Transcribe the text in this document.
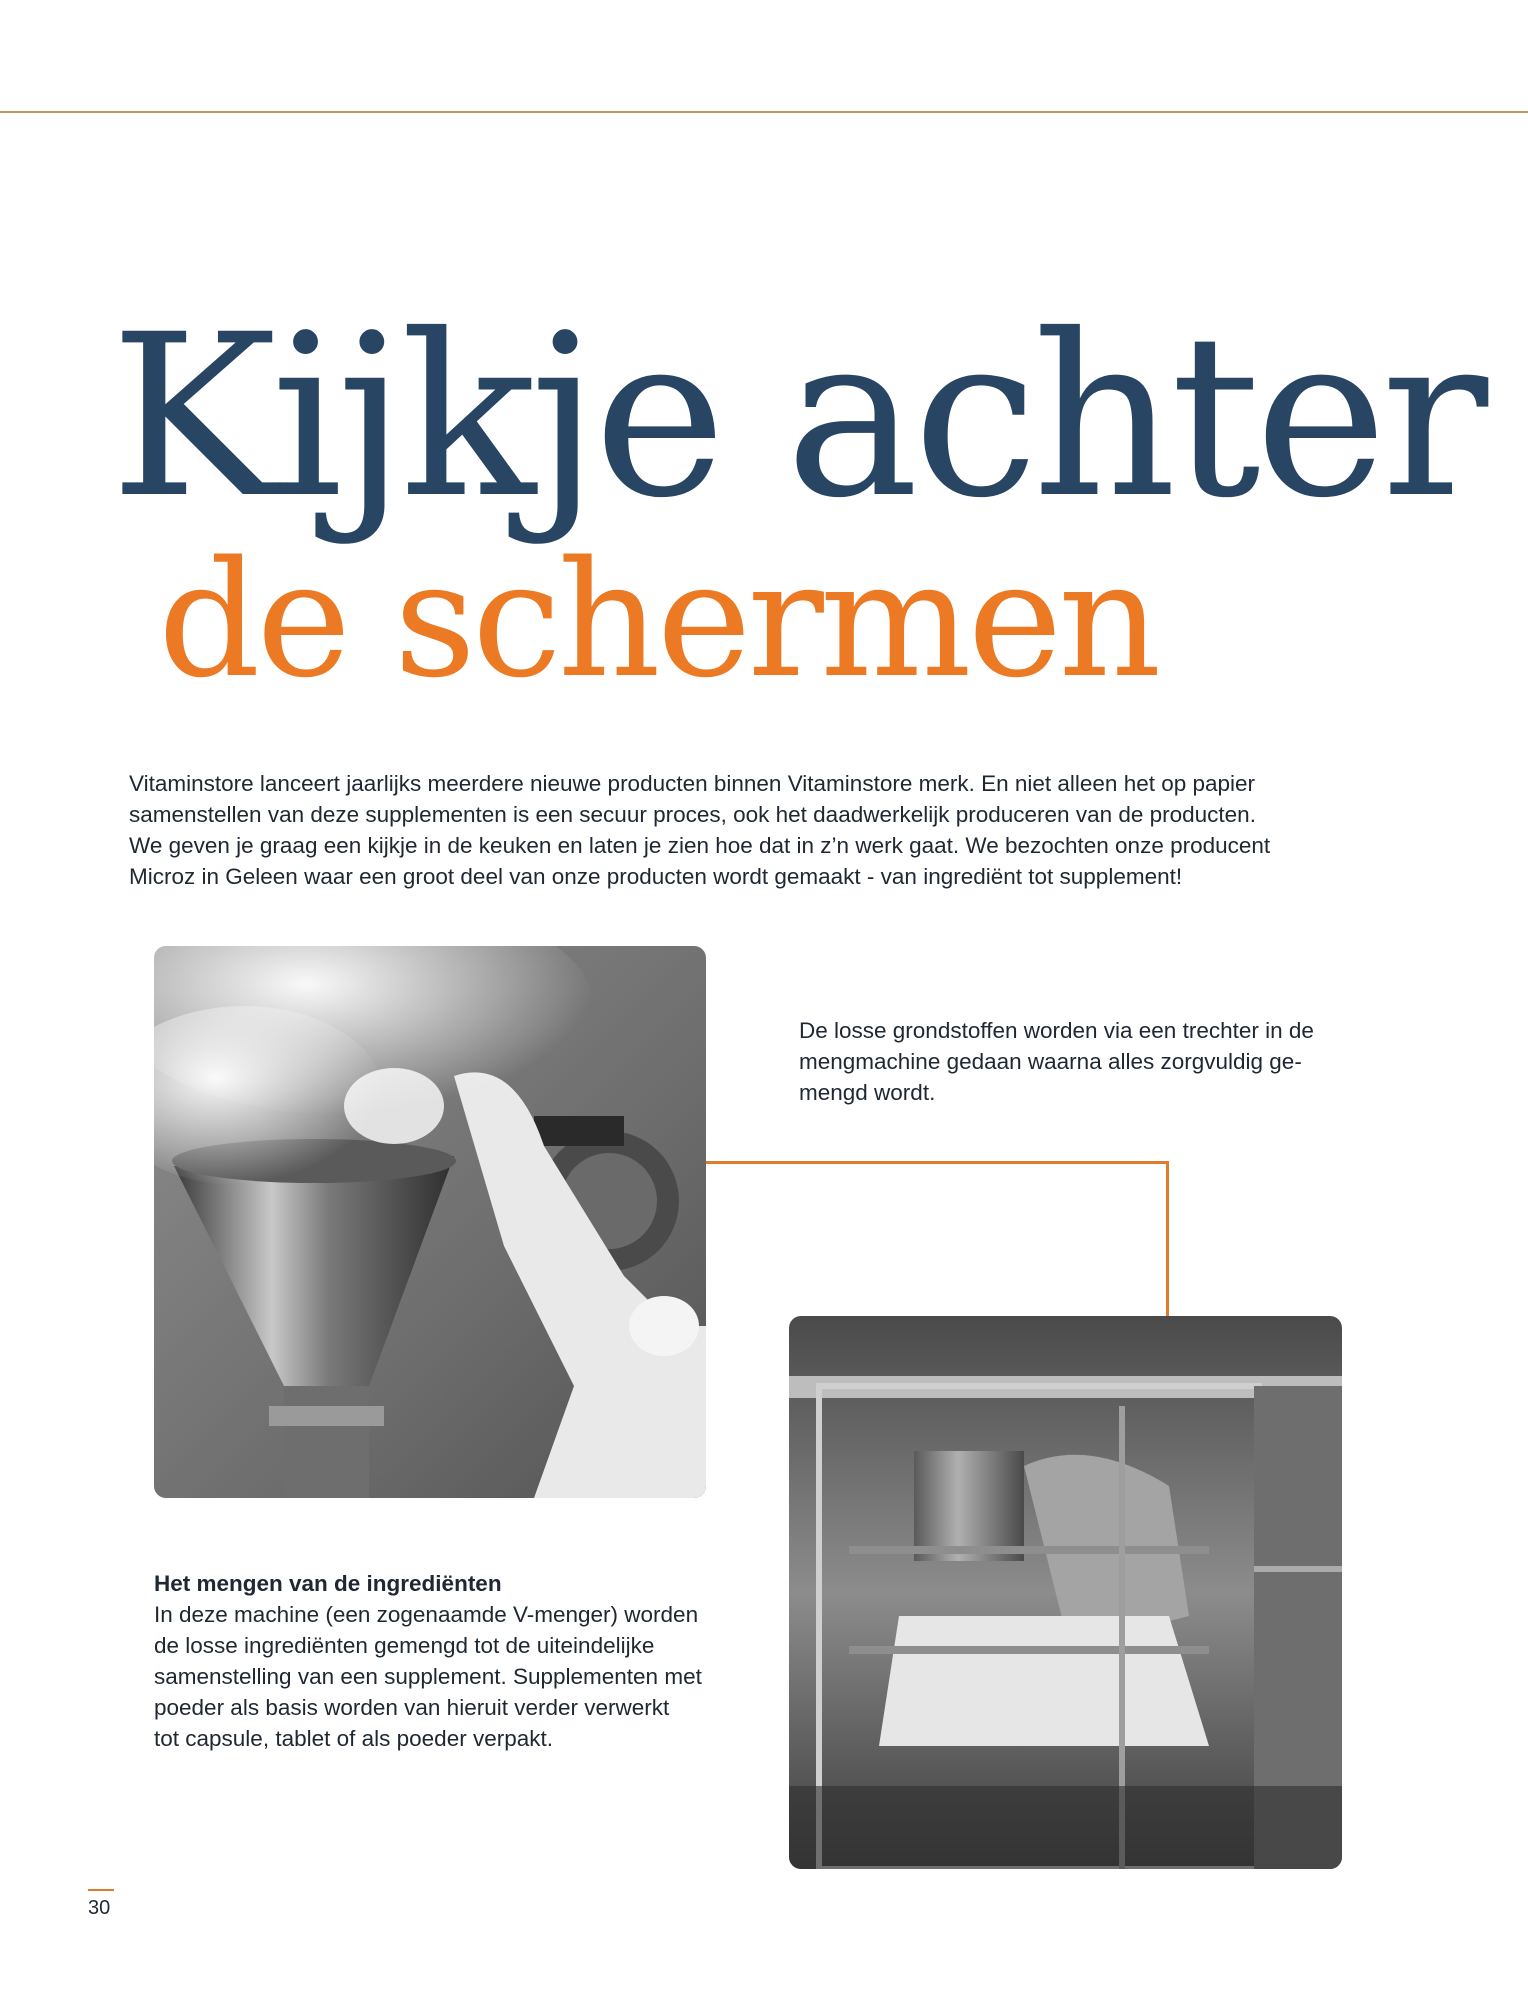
Kijkje achter
de schermen
Vitaminstore lanceert jaarlijks meerdere nieuwe producten binnen Vitaminstore merk. En niet alleen het op papier
samenstellen van deze supplementen is een secuur proces, ook het daadwerkelijk produceren van de producten.
We geven je graag een kijkje in de keuken en laten je zien hoe dat in z’n werk gaat. We bezochten onze producent
Microz in Geleen waar een groot deel van onze producten wordt gemaakt - van ingrediënt tot supplement!
De losse grondstoffen worden via een trechter in de
mengmachine gedaan waarna alles zorgvuldig ge-
mengd wordt.
Het mengen van de ingrediënten
In deze machine (een zogenaamde V-menger) worden
de losse ingrediënten gemengd tot de uiteindelijke
samenstelling van een supplement. Supplementen met
poeder als basis worden van hieruit verder verwerkt
tot capsule, tablet of als poeder verpakt.
30
